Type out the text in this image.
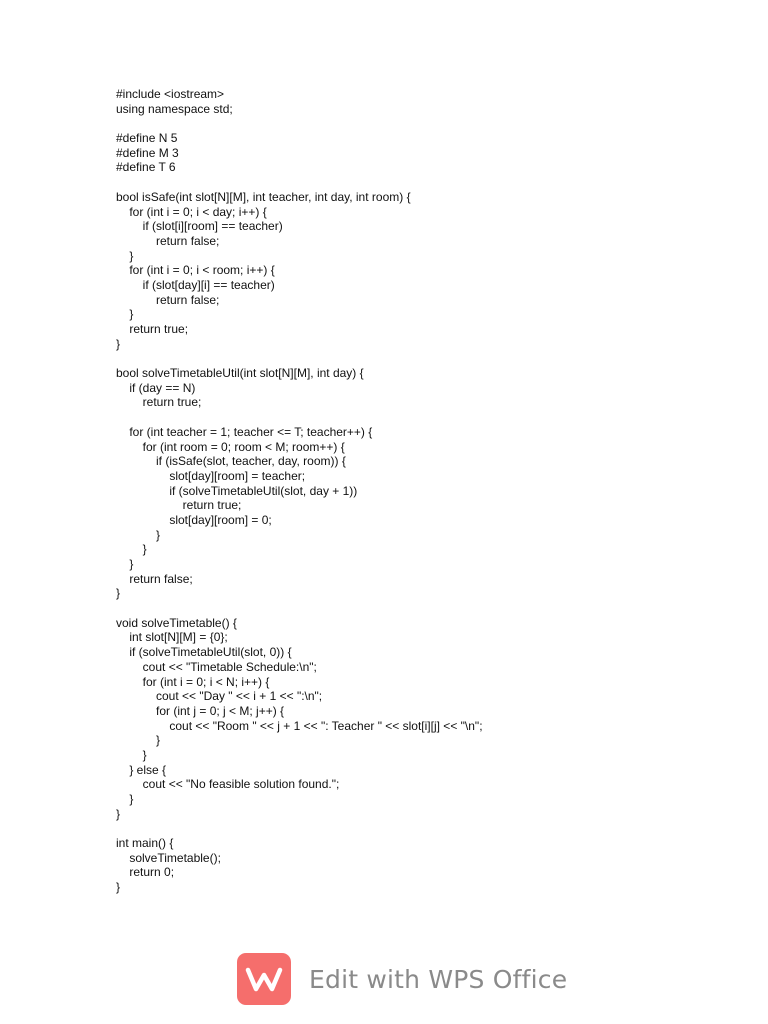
#include <iostream>
using namespace std;
#define N 5
#define M 3
#define T 6
bool isSafe(int slot[N][M], int teacher, int day, int room) {
for (int i = 0; i < day; i++) {
if (slot[i][room] == teacher)
return false;
}
for (int i = 0; i < room; i++) {
if (slot[day][i] == teacher)
return false;
}
return true;
}
bool solveTimetableUtil(int slot[N][M], int day) {
if (day == N)
return true;
for (int teacher = 1; teacher <= T; teacher++) {
for (int room = 0; room < M; room++) {
if (isSafe(slot, teacher, day, room)) {
slot[day][room] = teacher;
if (solveTimetableUtil(slot, day + 1))
return true;
slot[day][room] = 0;
}
}
}
return false;
}
void solveTimetable() {
int slot[N][M] = {0};
if (solveTimetableUtil(slot, 0)) {
cout << "Timetable Schedule:\n";
for (int i = 0; i < N; i++) {
cout << "Day " << i + 1 << ":\n";
for (int j = 0; j < M; j++) {
cout << "Room " << j + 1 << ": Teacher " << slot[i][j] << "\n";
}
}
} else {
cout << "No feasible solution found.";
}
}
int main() {
solveTimetable();
return 0;
}
Edit with WPS Office
